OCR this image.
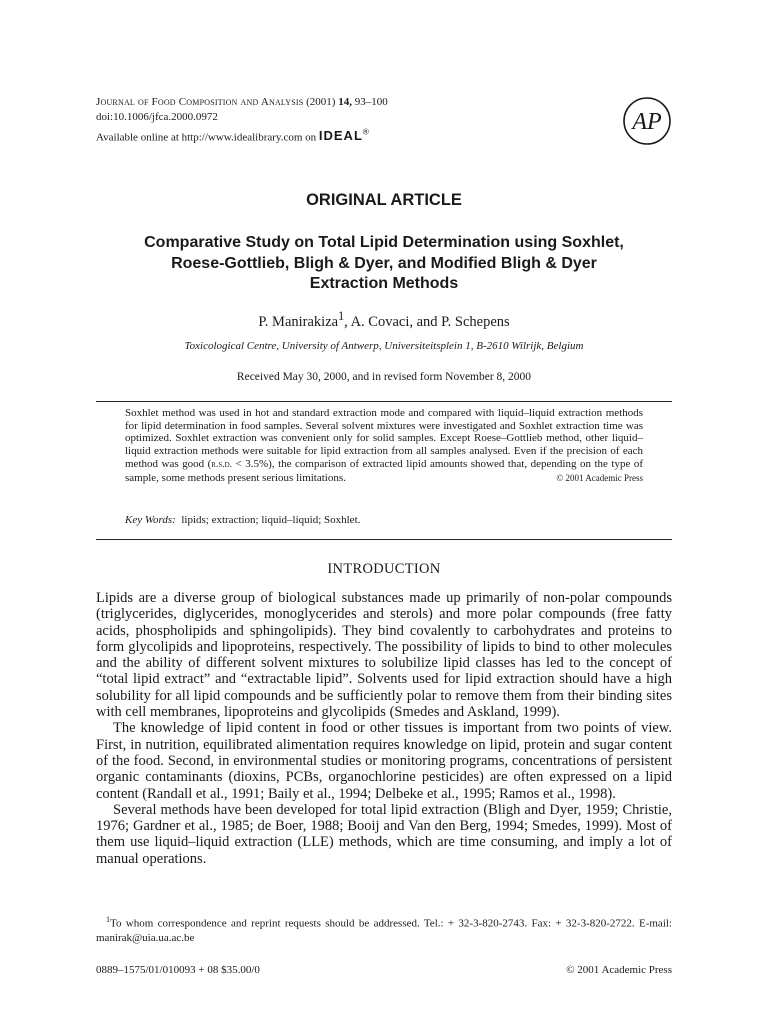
Journal of Food Composition and Analysis (2001) 14, 93–100
doi:10.1006/jfca.2000.0972
Available online at http://www.idealibrary.com on IDEAL®	AP
ORIGINAL ARTICLE
Comparative Study on Total Lipid Determination using Soxhlet,
Roese-Gottlieb, Bligh & Dyer, and Modified Bligh & Dyer
Extraction Methods
P. Manirakiza$^1$, A. Covaci, and P. Schepens
Toxicological Centre, University of Antwerp, Universiteitsplein 1, B-2610 Wilrijk, Belgium
Received May 30, 2000, and in revised form November 8, 2000
Soxhlet method was used in hot and standard extraction mode and compared with liquid–liquid extraction methods for lipid determination in food samples. Several solvent mixtures were investigated and Soxhlet extraction time was optimized. Soxhlet extraction was convenient only for solid samples. Except Roese–Gottlieb method, other liquid–liquid extraction methods were suitable for lipid extraction from all samples analysed. Even if the precision of each method was good (r.s.d. < 3.5%), the comparison of extracted lipid amounts showed that, depending on the type of sample, some methods present serious limitations.	© 2001 Academic Press
Key Words: lipids; extraction; liquid–liquid; Soxhlet.
INTRODUCTION

Lipids are a diverse group of biological substances made up primarily of non-polar compounds (triglycerides, diglycerides, monoglycerides and sterols) and more polar compounds (free fatty acids, phospholipids and sphingolipids). They bind covalently to carbohydrates and proteins to form glycolipids and lipoproteins, respectively. The possibility of lipids to bind to other molecules and the ability of different solvent mixtures to solubilize lipid classes has led to the concept of “total lipid extract” and “extractable lipid”. Solvents used for lipid extraction should have a high solubility for all lipid compounds and be sufficiently polar to remove them from their binding sites with cell membranes, lipoproteins and glycolipids (Smedes and Askland, 1999).

The knowledge of lipid content in food or other tissues is important from two points of view. First, in nutrition, equilibrated alimentation requires knowledge on lipid, protein and sugar content of the food. Second, in environmental studies or monitoring programs, concentrations of persistent organic contaminants (dioxins, PCBs, organochlorine pesticides) are often expressed on a lipid content (Randall et al., 1991; Baily et al., 1994; Delbeke et al., 1995; Ramos et al., 1998).

Several methods have been developed for total lipid extraction (Bligh and Dyer, 1959; Christie, 1976; Gardner et al., 1985; de Boer, 1988; Booij and Van den Berg, 1994; Smedes, 1999). Most of them use liquid–liquid extraction (LLE) methods, which are time consuming, and imply a lot of manual operations.

$^1$To whom correspondence and reprint requests should be addressed. Tel.: + 32-3-820-2743. Fax: + 32-3-820-2722. E-mail: manirak@uia.ua.ac.be
0889–1575/01/010093 + 08 $35.00/0	© 2001 Academic Press
